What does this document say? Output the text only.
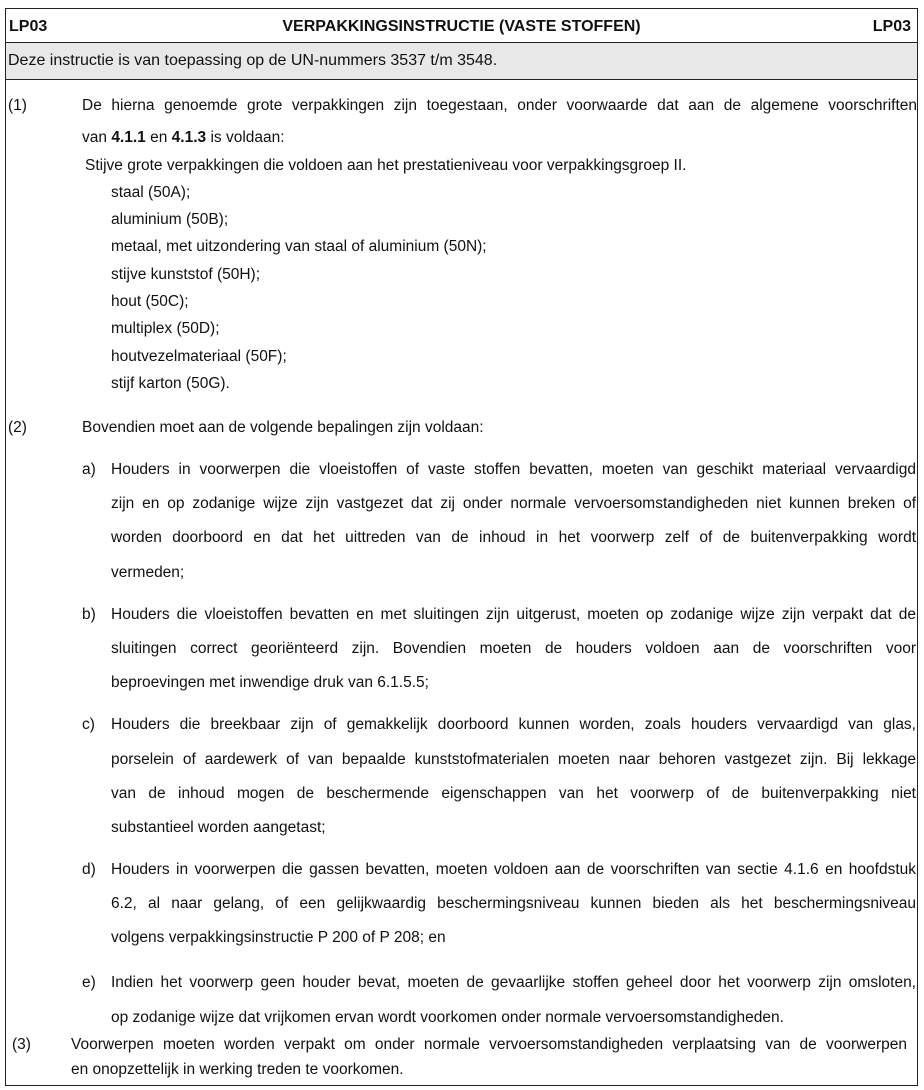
LP03	VERPAKKINGSINSTRUCTIE (VASTE STOFFEN)	LP03
Deze instructie is van toepassing op de UN-nummers 3537 t/m 3548.
(1)	De hierna genoemde grote verpakkingen zijn toegestaan, onder voorwaarde dat aan de algemene voorschriften
van 4.1.1 en 4.1.3 is voldaan:
Stijve grote verpakkingen die voldoen aan het prestatieniveau voor verpakkingsgroep II.
staal (50A);
aluminium (50B);
metaal, met uitzondering van staal of aluminium (50N);
stijve kunststof (50H);
hout (50C);
multiplex (50D);
houtvezelmateriaal (50F);
stijf karton (50G).
(2)	Bovendien moet aan de volgende bepalingen zijn voldaan:
a) Houders in voorwerpen die vloeistoffen of vaste stoffen bevatten, moeten van geschikt materiaal vervaardigd
zijn en op zodanige wijze zijn vastgezet dat zij onder normale vervoersomstandigheden niet kunnen breken of
worden doorboord en dat het uittreden van de inhoud in het voorwerp zelf of de buitenverpakking wordt
vermeden;
b) Houders die vloeistoffen bevatten en met sluitingen zijn uitgerust, moeten op zodanige wijze zijn verpakt dat de
sluitingen correct georiënteerd zijn. Bovendien moeten de houders voldoen aan de voorschriften voor
beproevingen met inwendige druk van 6.1.5.5;
c) Houders die breekbaar zijn of gemakkelijk doorboord kunnen worden, zoals houders vervaardigd van glas,
porselein of aardewerk of van bepaalde kunststofmaterialen moeten naar behoren vastgezet zijn. Bij lekkage
van de inhoud mogen de beschermende eigenschappen van het voorwerp of de buitenverpakking niet
substantieel worden aangetast;
d) Houders in voorwerpen die gassen bevatten, moeten voldoen aan de voorschriften van sectie 4.1.6 en hoofdstuk
6.2, al naar gelang, of een gelijkwaardig beschermingsniveau kunnen bieden als het beschermingsniveau
volgens verpakkingsinstructie P 200 of P 208; en
e) Indien het voorwerp geen houder bevat, moeten de gevaarlijke stoffen geheel door het voorwerp zijn omsloten,
op zodanige wijze dat vrijkomen ervan wordt voorkomen onder normale vervoersomstandigheden.
(3)	Voorwerpen moeten worden verpakt om onder normale vervoersomstandigheden verplaatsing van de voorwerpen
en onopzettelijk in werking treden te voorkomen.
